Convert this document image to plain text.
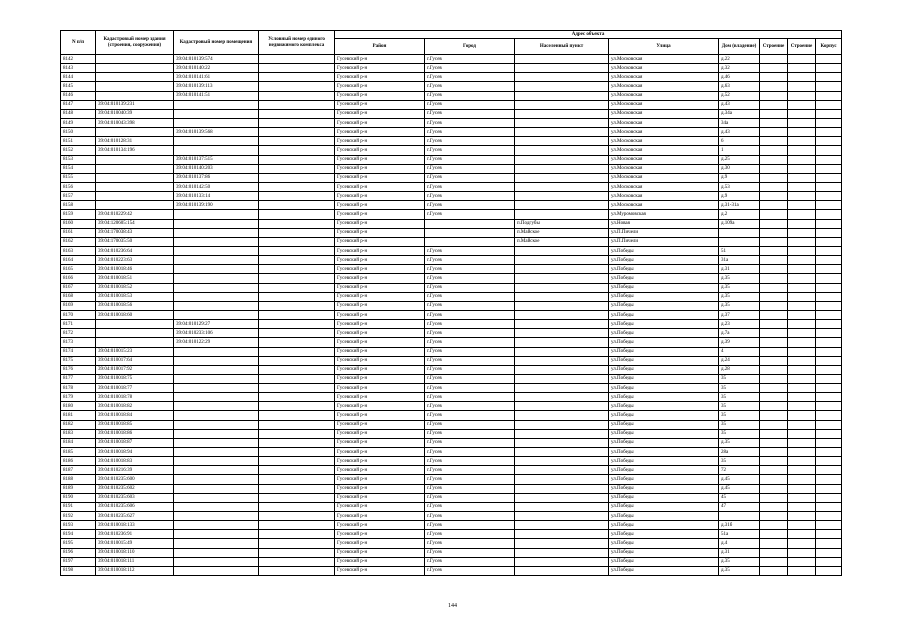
N п/п	Кадастровый номер здания (строения, сооружения)	Кадастровый номер помещения	Условный номер единого недвижимого комплекса	Адрес объекта							
				Район	Город	Населенный пункт	Улица	Дом (владение)	Строение	Строение	Корпус
8142		39:04:010139:574		Гусевский р-н	г.Гусев		ул.Московская	д.22			
8143		39:04:010140:22		Гусевский р-н	г.Гусев		ул.Московская	д.32			
8144		39:04:010141:61		Гусевский р-н	г.Гусев		ул.Московская	д.46			
8145		39:04:010139:113		Гусевский р-н	г.Гусев		ул.Московская	д.63			
8146		39:04:010141:51		Гусевский р-н	г.Гусев		ул.Московская	д.52			
8147	39:04:010139:231			Гусевский р-н	г.Гусев		ул.Московская	д.43			
8148	39:04:010040:39			Гусевский р-н	г.Гусев		ул.Московская	д.34а			
8149	39:04:010043:398			Гусевский р-н	г.Гусев		ул.Московская	34а			
8150		39:04:010139:568		Гусевский р-н	г.Гусев		ул.Московская	д.43			
8151	39:04:010128:31			Гусевский р-н	г.Гусев		ул.Московская	6			
8152	39:04:010134:196			Гусевский р-н	г.Гусев		ул.Московская	1			
8153		39:04:010137:515		Гусевский р-н	г.Гусев		ул.Московская	д.25			
8154		39:04:010140:203		Гусевский р-н	г.Гусев		ул.Московская	д.30			
8155		39:04:010137:86		Гусевский р-н	г.Гусев		ул.Московская	д.9			
8156		39:04:010142:50		Гусевский р-н	г.Гусев		ул.Московская	д.53			
8157		39:04:010133:14		Гусевский р-н	г.Гусев		ул.Московская	д.9			
8158		39:04:010139:190		Гусевский р-н	г.Гусев		ул.Московская	д.31-31а			
8159	39:04:010229:42			Гусевский р-н	г.Гусев		ул.Муромовская	д.2			
8160	39:04:120605:154			Гусевский р-н		п.Подгубы	ул.Новая	д.109а			
8161	39:04:170038:43			Гусевский р-н		п.Майское	ул.П.Пичели				
8162	39:04:170035:50			Гусевский р-н		п.Майское	ул.П.Пичели				
8163	39:04:010236:64			Гусевский р-н	г.Гусев		ул.Победы	51			
8164	39:04:010223:63			Гусевский р-н	г.Гусев		ул.Победы	31а			
8165	39:04:010018:46			Гусевский р-н	г.Гусев		ул.Победы	д.31			
8166	39:04:010018:51			Гусевский р-н	г.Гусев		ул.Победы	д.35			
8167	39:04:010018:52			Гусевский р-н	г.Гусев		ул.Победы	д.35			
8168	39:04:010018:53			Гусевский р-н	г.Гусев		ул.Победы	д.35			
8169	39:04:010018:56			Гусевский р-н	г.Гусев		ул.Победы	д.35			
8170	39:04:010018:60			Гусевский р-н	г.Гусев		ул.Победы	д.37			
8171		39:04:010129:27		Гусевский р-н	г.Гусев		ул.Победы	д.23			
8172		39:04:010233:106		Гусевский р-н	г.Гусев		ул.Победы	д.7а			
8173		39:04:010122:29		Гусевский р-н	г.Гусев		ул.Победы	д.39			
8174	39:04:010015:23			Гусевский р-н	г.Гусев		ул.Победы	4			
8175	39:04:010017:64			Гусевский р-н	г.Гусев		ул.Победы	д.24			
8176	39:04:010017:92			Гусевский р-н	г.Гусев		ул.Победы	д.28			
8177	39:04:010018:75			Гусевский р-н	г.Гусев		ул.Победы	35			
8178	39:04:010018:77			Гусевский р-н	г.Гусев		ул.Победы	35			
8179	39:04:010018:78			Гусевский р-н	г.Гусев		ул.Победы	35			
8180	39:04:010018:82			Гусевский р-н	г.Гусев		ул.Победы	35			
8181	39:04:010018:84			Гусевский р-н	г.Гусев		ул.Победы	35			
8182	39:04:010018:85			Гусевский р-н	г.Гусев		ул.Победы	35			
8183	39:04:010018:86			Гусевский р-н	г.Гусев		ул.Победы	35			
8184	39:04:010018:87			Гусевский р-н	г.Гусев		ул.Победы	д.35			
8185	39:04:010018:94			Гусевский р-н	г.Гусев		ул.Победы	28а			
8186	39:04:010018:83			Гусевский р-н	г.Гусев		ул.Победы	35			
8187	39:04:010216:39			Гусевский р-н	г.Гусев		ул.Победы	72			
8188	39:04:010235:600			Гусевский р-н	г.Гусев		ул.Победы	д.45			
8189	39:04:010235:602			Гусевский р-н	г.Гусев		ул.Победы	д.45			
8190	39:04:010235:603			Гусевский р-н	г.Гусев		ул.Победы	45			
8191	39:04:010235:606			Гусевский р-н	г.Гусев		ул.Победы	47			
8192	39:04:010235:627			Гусевский р-н	г.Гусев		ул.Победы				
8193	39:04:010018:133			Гусевский р-н	г.Гусев		ул.Победы	д.31б			
8194	39:04:010236:91			Гусевский р-н	г.Гусев		ул.Победы	51а			
8195	39:04:010015:49			Гусевский р-н	г.Гусев		ул.Победы	д.4			
8196	39:04:010018:110			Гусевский р-н	г.Гусев		ул.Победы	д.31			
8197	39:04:010018:111			Гусевский р-н	г.Гусев		ул.Победы	д.35			
8198	39:04:010018:112			Гусевский р-н	г.Гусев		ул.Победы	д.35			
144
